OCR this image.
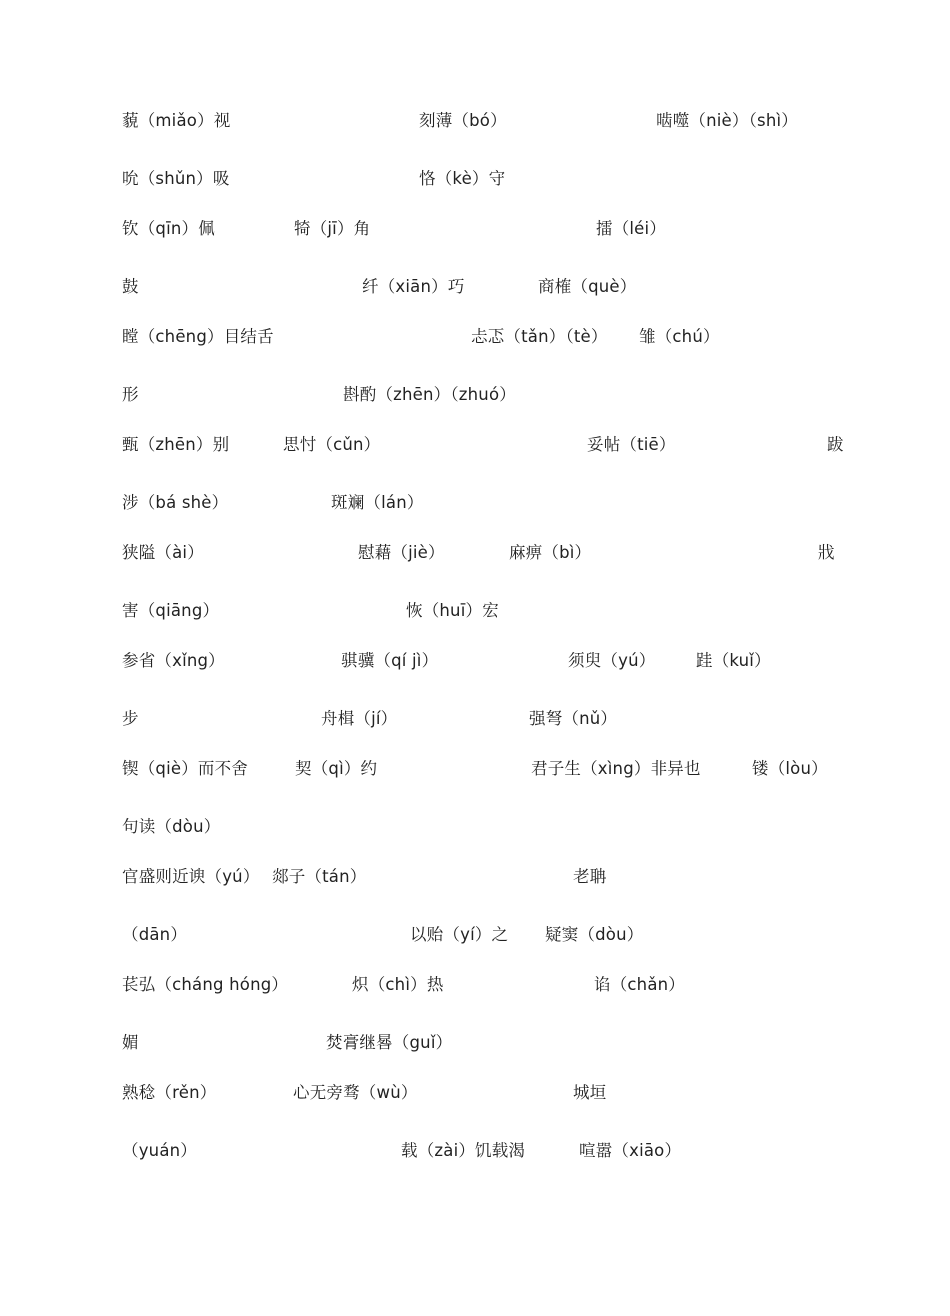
藐（miǎo）视	刻薄（bó）	啮噬（niè）（shì）
吮（shǔn）吸	恪（kè）守
钦（qīn）佩	犄（jī）角	擂（léi）
鼓	纤（xiān）巧	商榷（què）
瞠（chēng）目结舌	忐忑（tǎn）（tè） 雏（chú）
形	斟酌（zhēn）（zhuó）
甄（zhēn）别	思忖（cǔn）	妥帖（tiē）	跋
涉（bá shè）	斑斓（lán）
狭隘（ài）	慰藉（jiè）	麻痹（bì）	戕
害（qiāng）	恢（huī）宏
参省（xǐng）	骐骥（qí jì）	须臾（yú） 跬（kuǐ）
步	舟楫（jí）	强弩（nǔ）
锲（qiè）而不舍	契（qì）约	君子生（xìng）非异也	镂（lòu）
句读（dòu）
官盛则近谀（yú） 郯子（tán）	老聃
（dān）	以贻（yí）之 疑窦（dòu）
苌弘（cháng hóng）	炽（chì）热	谄（chǎn）
媚	焚膏继晷（guǐ）
熟稔（rěn）	心无旁骛（wù）	城垣
（yuán）	载（zài）饥载渴	喧嚣（xiāo）
